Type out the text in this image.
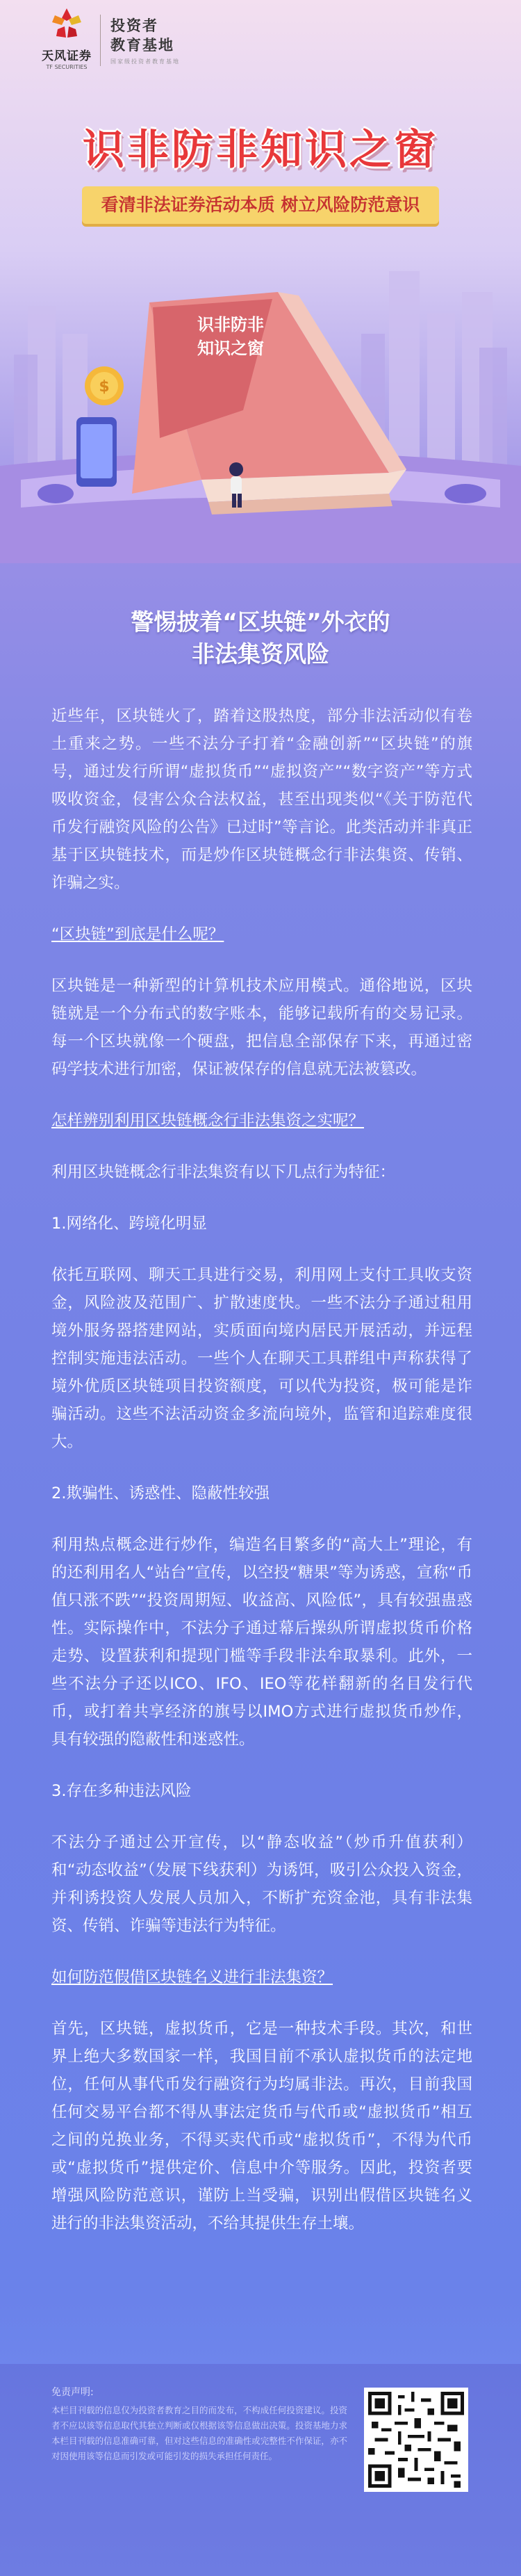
天风证券
TF SECURITIES
投资者
教育基地
国家级投资者教育基地
识非防非知识之窗
看清非法证券活动本质 树立风险防范意识
$
识非防非
知识之窗
警惕披着“区块链”外衣的
非法集资风险

近些年，区块链火了，踏着这股热度，部分非法活动似有卷土重来之势。一些不法分子打着“金融创新”“区块链”的旗号，通过发行所谓“虚拟货币”“虚拟资产”“数字资产”等方式吸收资金，侵害公众合法权益，甚至出现类似“《关于防范代币发行融资风险的公告》已过时”等言论。此类活动并非真正基于区块链技术，而是炒作区块链概念行非法集资、传销、诈骗之实。

“区块链”到底是什么呢？

区块链是一种新型的计算机技术应用模式。通俗地说，区块链就是一个分布式的数字账本，能够记载所有的交易记录。每一个区块就像一个硬盘，把信息全部保存下来，再通过密码学技术进行加密，保证被保存的信息就无法被篡改。

怎样辨别利用区块链概念行非法集资之实呢？

利用区块链概念行非法集资有以下几点行为特征：

1.网络化、跨境化明显

依托互联网、聊天工具进行交易，利用网上支付工具收支资金，风险波及范围广、扩散速度快。一些不法分子通过租用境外服务器搭建网站，实质面向境内居民开展活动，并远程控制实施违法活动。一些个人在聊天工具群组中声称获得了境外优质区块链项目投资额度，可以代为投资，极可能是诈骗活动。这些不法活动资金多流向境外，监管和追踪难度很大。

2.欺骗性、诱惑性、隐蔽性较强

利用热点概念进行炒作，编造名目繁多的“高大上”理论，有的还利用名人“站台”宣传，以空投“糖果”等为诱惑，宣称“币值只涨不跌”“投资周期短、收益高、风险低”，具有较强蛊惑性。实际操作中，不法分子通过幕后操纵所谓虚拟货币价格走势、设置获利和提现门槛等手段非法牟取暴利。此外，一些不法分子还以ICO、IFO、IEO等花样翻新的名目发行代币，或打着共享经济的旗号以IMO方式进行虚拟货币炒作，具有较强的隐蔽性和迷惑性。

3.存在多种违法风险

不法分子通过公开宣传，以“静态收益”（炒币升值获利）和“动态收益”（发展下线获利）为诱饵，吸引公众投入资金，并利诱投资人发展人员加入，不断扩充资金池，具有非法集资、传销、诈骗等违法行为特征。

如何防范假借区块链名义进行非法集资？

首先，区块链，虚拟货币，它是一种技术手段。其次，和世界上绝大多数国家一样，我国目前不承认虚拟货币的法定地位，任何从事代币发行融资行为均属非法。再次，目前我国任何交易平台都不得从事法定货币与代币或“虚拟货币”相互之间的兑换业务，不得买卖代币或“虚拟货币”，不得为代币或“虚拟货币”提供定价、信息中介等服务。因此，投资者要增强风险防范意识，谨防上当受骗，识别出假借区块链名义进行的非法集资活动，不给其提供生存土壤。

免责声明:
本栏目刊载的信息仅为投资者教育之目的而发布，不构成任何投资建议。投资者不应以该等信息取代其独立判断或仅根据该等信息做出决策。投资基地力求本栏目刊载的信息准确可靠，但对这些信息的准确性或完整性不作保证，亦不对因使用该等信息而引发或可能引发的损失承担任何责任。
